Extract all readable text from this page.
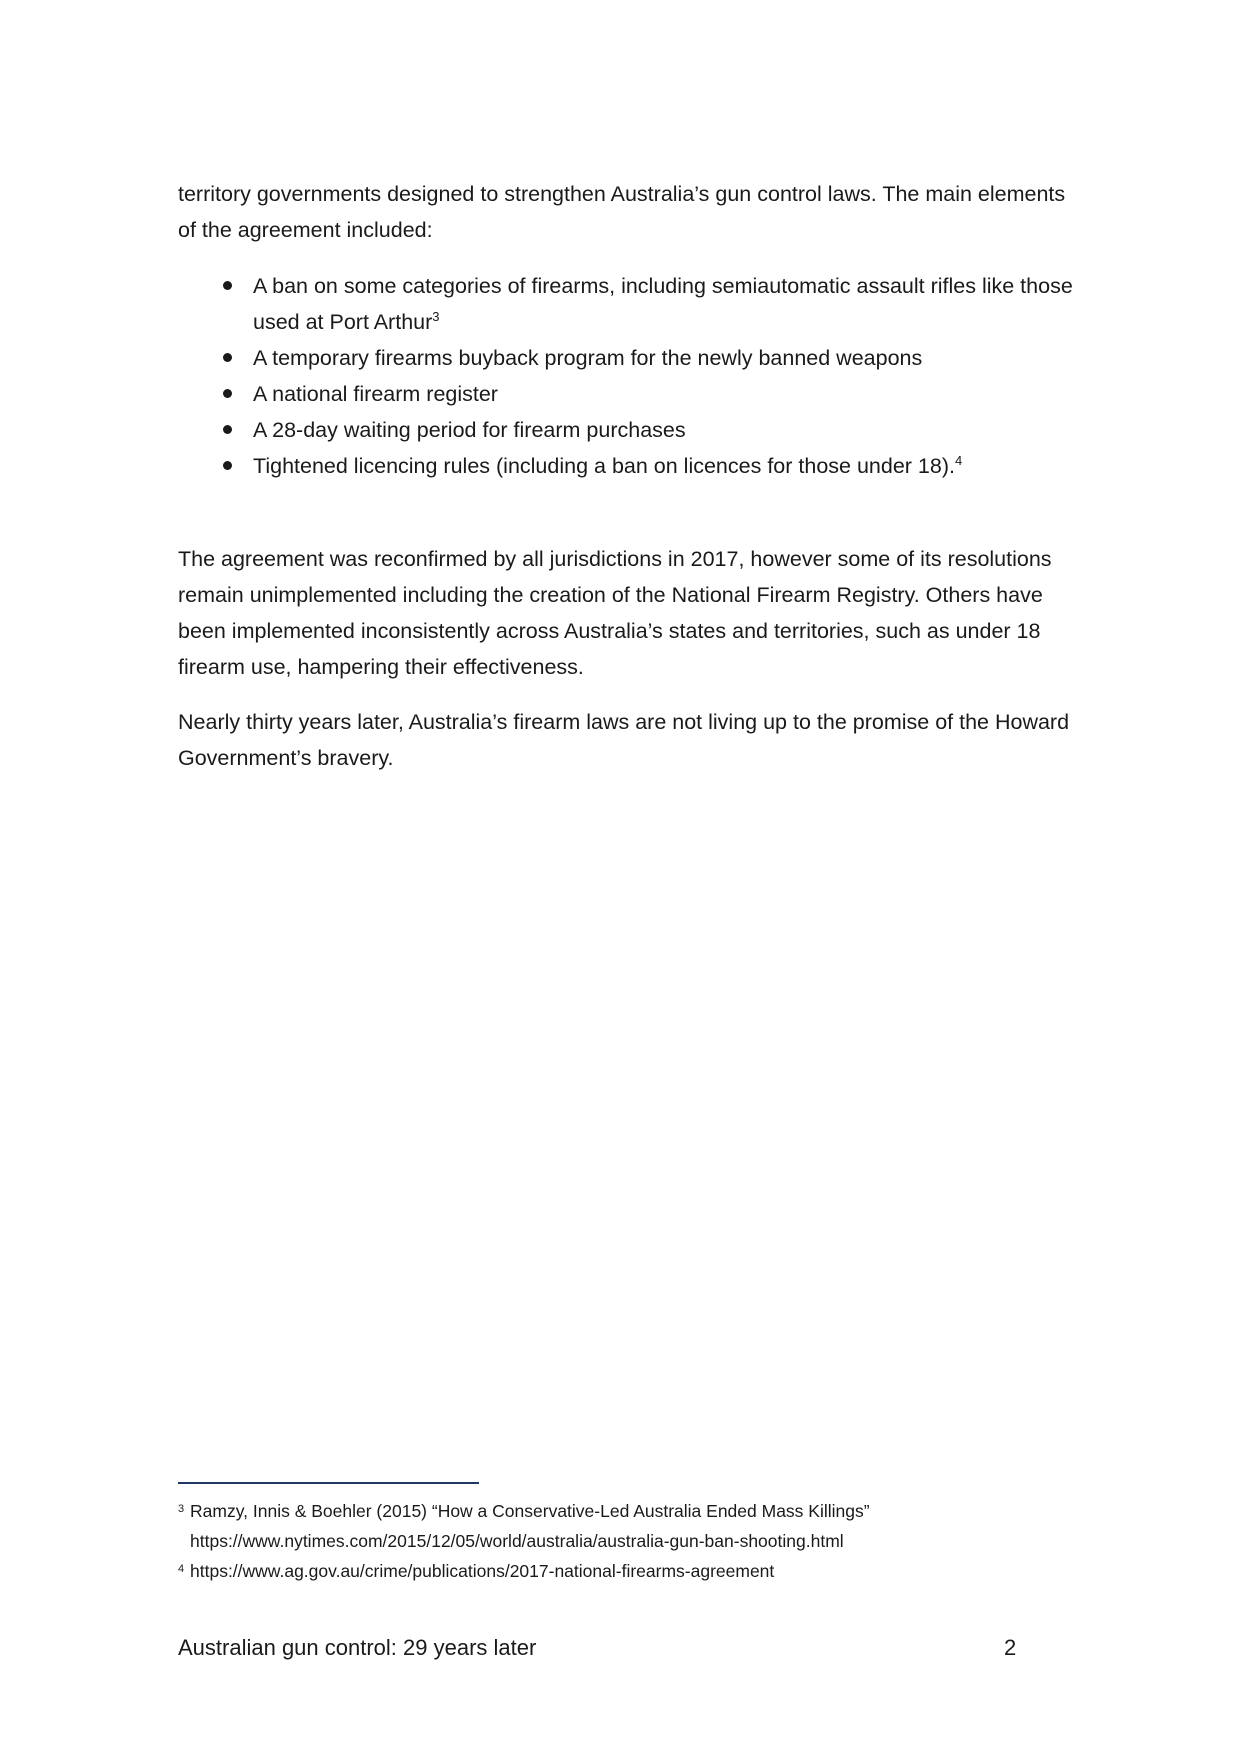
territory governments designed to strengthen Australia’s gun control laws. The main elements of the agreement included:
A ban on some categories of firearms, including semiautomatic assault rifles like those used at Port Arthur$^3$
A temporary firearms buyback program for the newly banned weapons
A national firearm register
A 28-day waiting period for firearm purchases
Tightened licencing rules (including a ban on licences for those under 18).$^4$
The agreement was reconfirmed by all jurisdictions in 2017, however some of its resolutions remain unimplemented including the creation of the National Firearm Registry. Others have been implemented inconsistently across Australia’s states and territories, such as under 18 firearm use, hampering their effectiveness.
Nearly thirty years later, Australia’s firearm laws are not living up to the promise of the Howard Government’s bravery.
3 Ramzy, Innis & Boehler (2015) “How a Conservative-Led Australia Ended Mass Killings”
https://www.nytimes.com/2015/12/05/world/australia/australia-gun-ban-shooting.html
4 https://www.ag.gov.au/crime/publications/2017-national-firearms-agreement
Australian gun control: 29 years later	2
